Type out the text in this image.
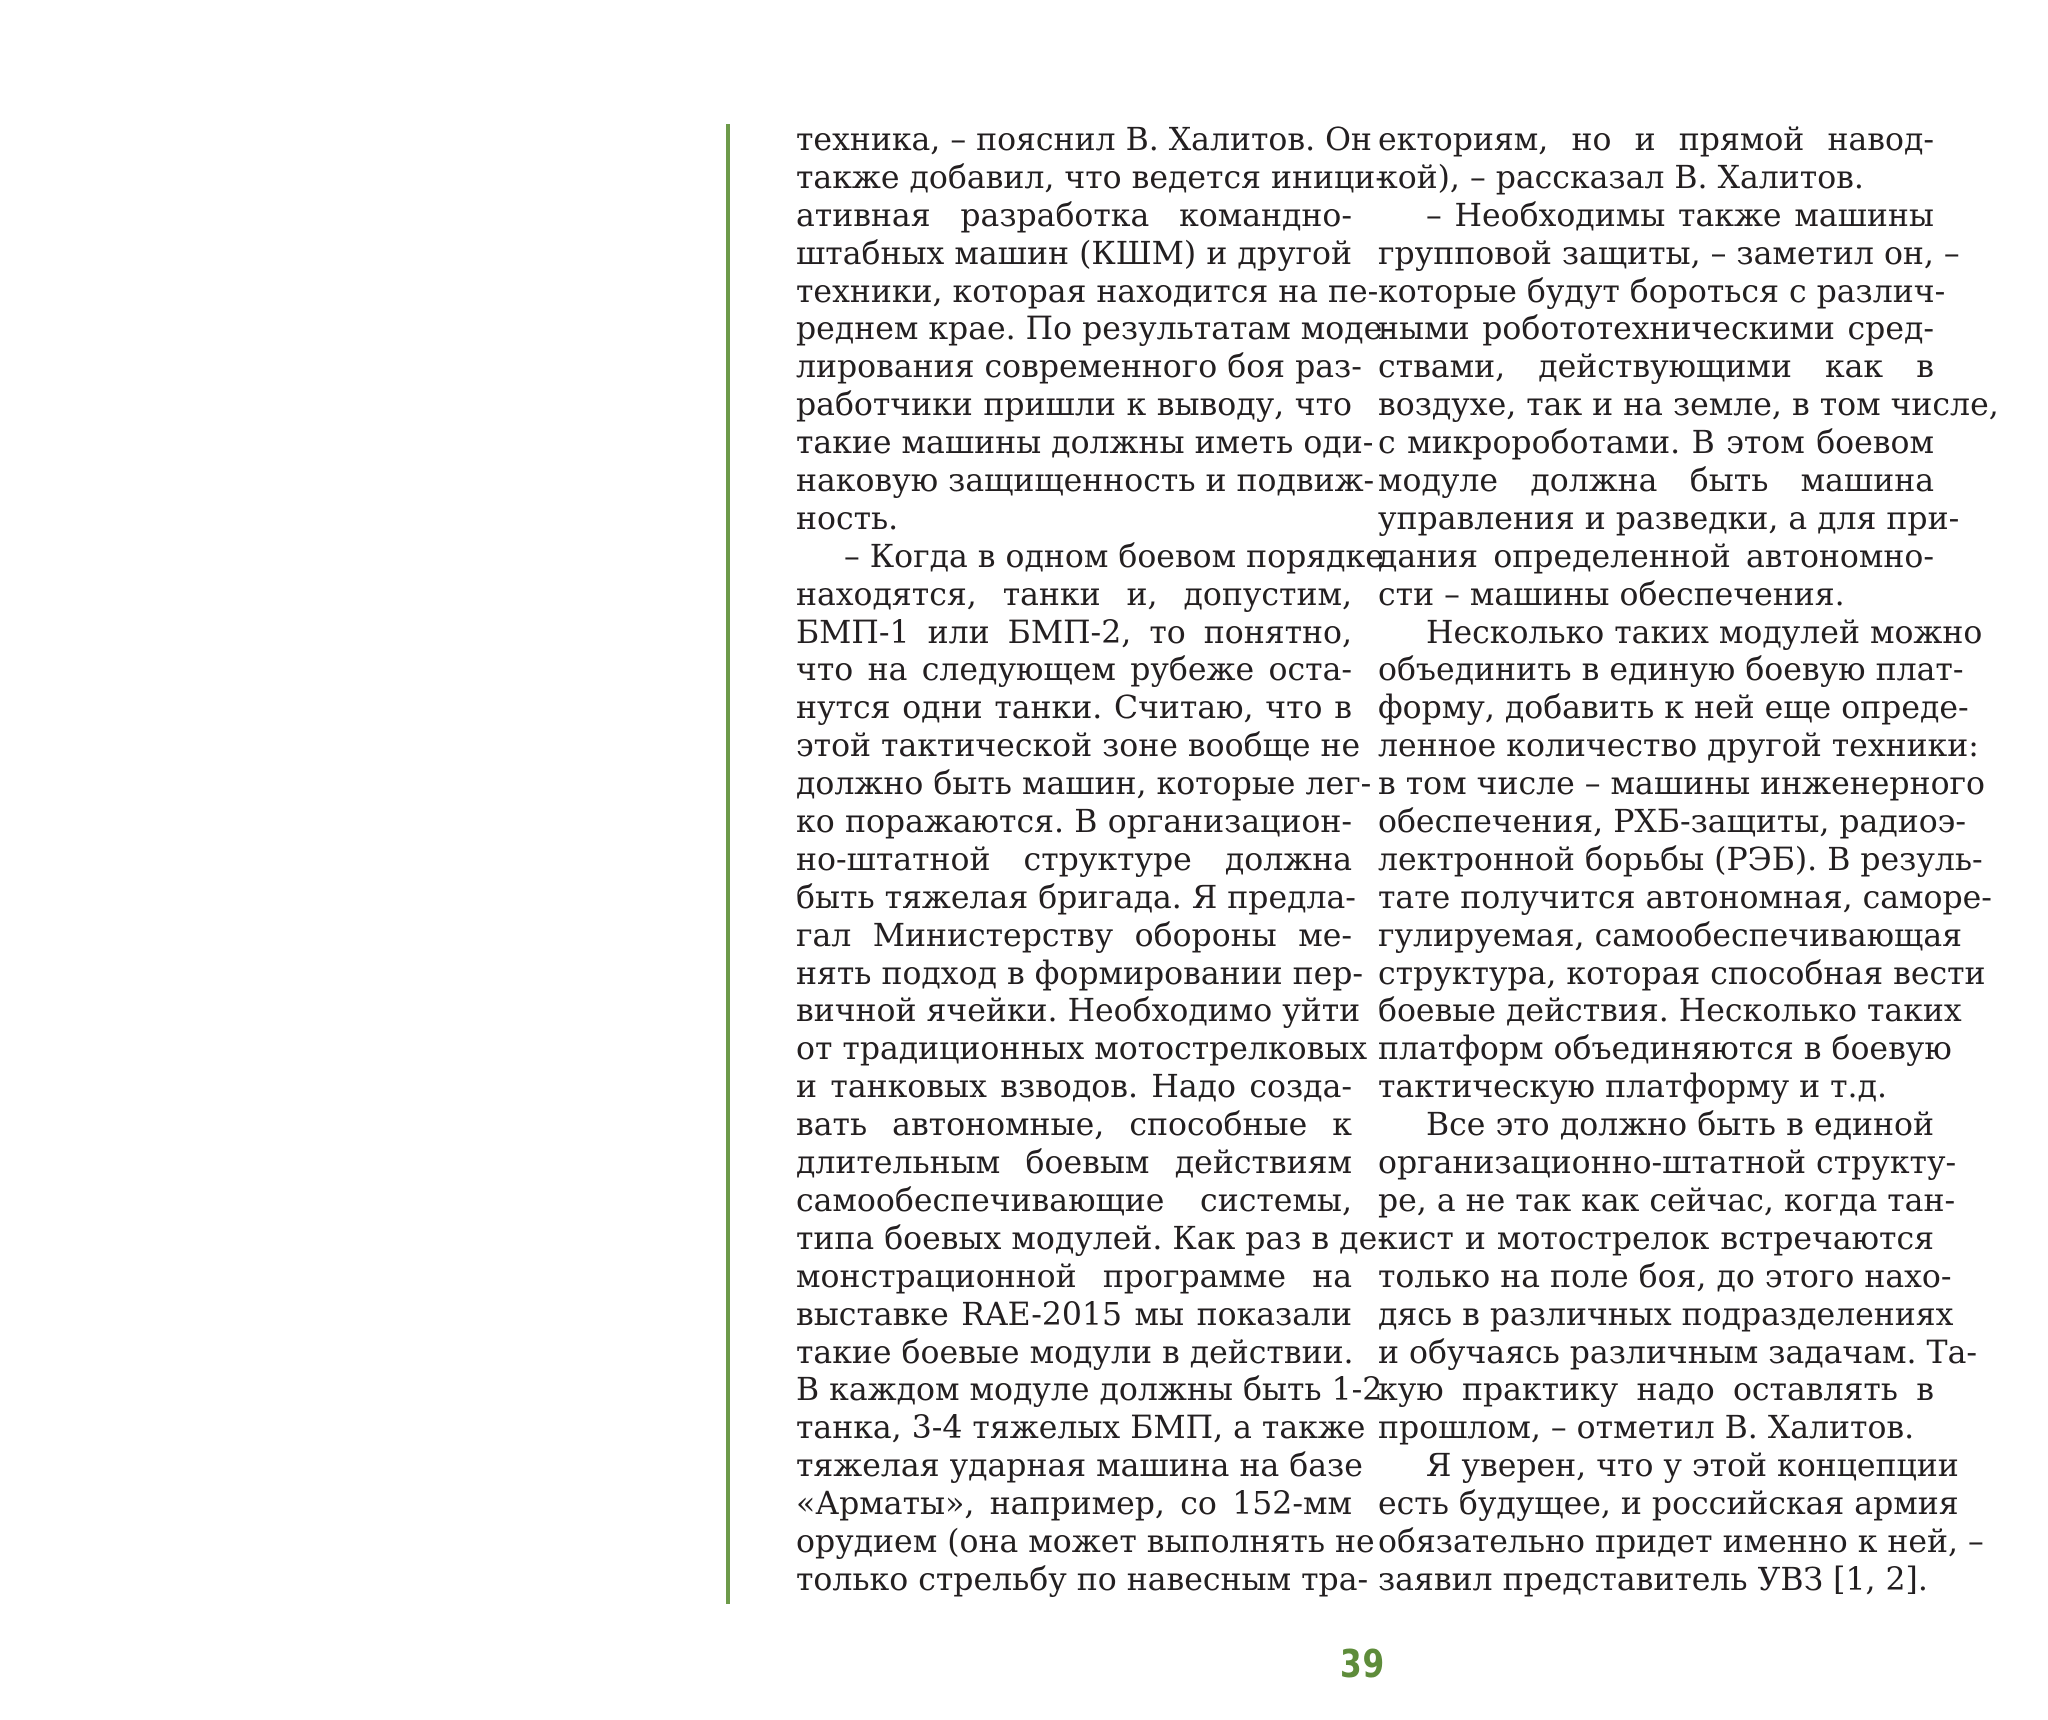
техника, – пояснил В. Халитов. Он
также добавил, что ведется иници-
ативная разработка командно-
штабных машин (КШМ) и другой
техники, которая находится на пе-
реднем крае. По результатам моде-
лирования современного боя раз-
работчики пришли к выводу, что
такие машины должны иметь оди-
наковую защищенность и подвиж-
ность.
– Когда в одном боевом порядке
находятся, танки и, допустим,
БМП-1 или БМП-2, то понятно,
что на следующем рубеже оста-
нутся одни танки. Считаю, что в
этой тактической зоне вообще не
должно быть машин, которые лег-
ко поражаются. В организацион-
но-штатной структуре должна
быть тяжелая бригада. Я предла-
гал Министерству обороны ме-
нять подход в формировании пер-
вичной ячейки. Необходимо уйти
от традиционных мотострелковых
и танковых взводов. Надо созда-
вать автономные, способные к
длительным боевым действиям
самообеспечивающие системы,
типа боевых модулей. Как раз в де-
монстрационной программе на
выставке RAE-2015 мы показали
такие боевые модули в действии.
В каждом модуле должны быть 1-2
танка, 3-4 тяжелых БМП, а также
тяжелая ударная машина на базе
«Арматы», например, со 152-мм
орудием (она может выполнять не
только стрельбу по навесным тра-
екториям, но и прямой навод-
кой), – рассказал В. Халитов.
– Необходимы также машины
групповой защиты, – заметил он, –
которые будут бороться с различ-
ными робототехническими сред-
ствами, действующими как в
воздухе, так и на земле, в том числе,
с микророботами. В этом боевом
модуле должна быть машина
управления и разведки, а для при-
дания определенной автономно-
сти – машины обеспечения.
Несколько таких модулей можно
объединить в единую боевую плат-
форму, добавить к ней еще опреде-
ленное количество другой техники:
в том числе – машины инженерного
обеспечения, РХБ-защиты, радиоэ-
лектронной борьбы (РЭБ). В резуль-
тате получится автономная, саморе-
гулируемая, самообеспечивающая
структура, которая способная вести
боевые действия. Несколько таких
платформ объединяются в боевую
тактическую платформу и т.д.
Все это должно быть в единой
организационно-штатной структу-
ре, а не так как сейчас, когда тан-
кист и мотострелок встречаются
только на поле боя, до этого нахо-
дясь в различных подразделениях
и обучаясь различным задачам. Та-
кую практику надо оставлять в
прошлом, – отметил В. Халитов.
Я уверен, что у этой концепции
есть будущее, и российская армия
обязательно придет именно к ней, –
заявил представитель УВЗ [1, 2].
39
